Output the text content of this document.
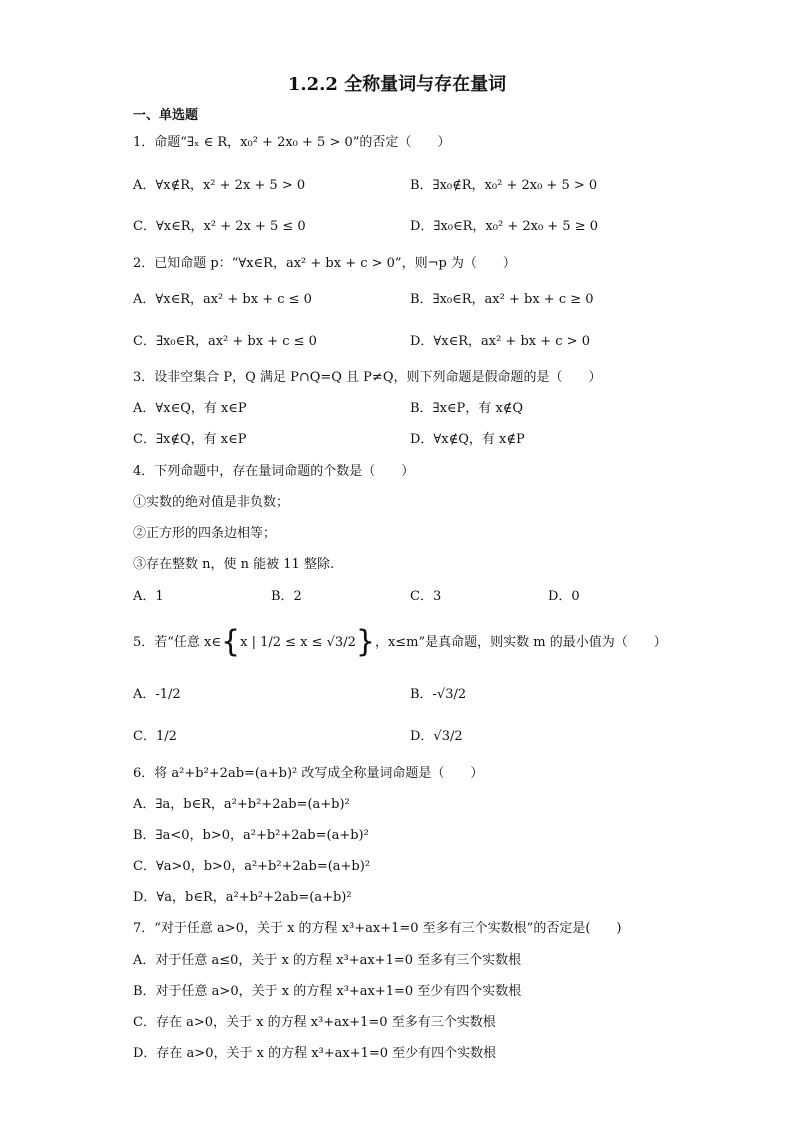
1.2.2 全称量词与存在量词
一、单选题
1．命题“∃ₓ ∈ R，x₀² + 2x₀ + 5 > 0”的否定（　　）
A．∀x∉R，x² + 2x + 5 > 0	B．∃x₀∉R，x₀² + 2x₀ + 5 > 0
C．∀x∈R，x² + 2x + 5 ≤ 0	D．∃x₀∈R，x₀² + 2x₀ + 5 ≥ 0
2．已知命题 p：“∀x∈R，ax² + bx + c > 0”，则¬p 为（　　）
A．∀x∈R，ax² + bx + c ≤ 0	B．∃x₀∈R，ax² + bx + c ≥ 0
C．∃x₀∈R，ax² + bx + c ≤ 0	D．∀x∈R，ax² + bx + c > 0
3．设非空集合 P，Q 满足 P∩Q=Q 且 P≠Q，则下列命题是假命题的是（　　）
A．∀x∈Q，有 x∈P	B．∃x∈P，有 x∉Q
C．∃x∉Q，有 x∈P	D．∀x∉Q，有 x∉P
4．下列命题中，存在量词命题的个数是（　　）
①实数的绝对值是非负数；
②正方形的四条边相等；
③存在整数 n，使 n 能被 11 整除.
A．1	B．2	C．3	D．0
5．若“任意 x∈{x | 1/2 ≤ x ≤ √3/2}，x≤m”是真命题，则实数 m 的最小值为（　　）
A．-1/2	B．-√3/2
C．1/2	D．√3/2
6．将 a²+b²+2ab=(a+b)² 改写成全称量词命题是（　　）
A．∃a，b∈R，a²+b²+2ab=(a+b)²
B．∃a<0，b>0，a²+b²+2ab=(a+b)²
C．∀a>0，b>0，a²+b²+2ab=(a+b)²
D．∀a，b∈R，a²+b²+2ab=(a+b)²
7．“对于任意 a>0，关于 x 的方程 x³+ax+1=0 至多有三个实数根”的否定是(　　)
A．对于任意 a≤0，关于 x 的方程 x³+ax+1=0 至多有三个实数根
B．对于任意 a>0，关于 x 的方程 x³+ax+1=0 至少有四个实数根
C．存在 a>0，关于 x 的方程 x³+ax+1=0 至多有三个实数根
D．存在 a>0，关于 x 的方程 x³+ax+1=0 至少有四个实数根
